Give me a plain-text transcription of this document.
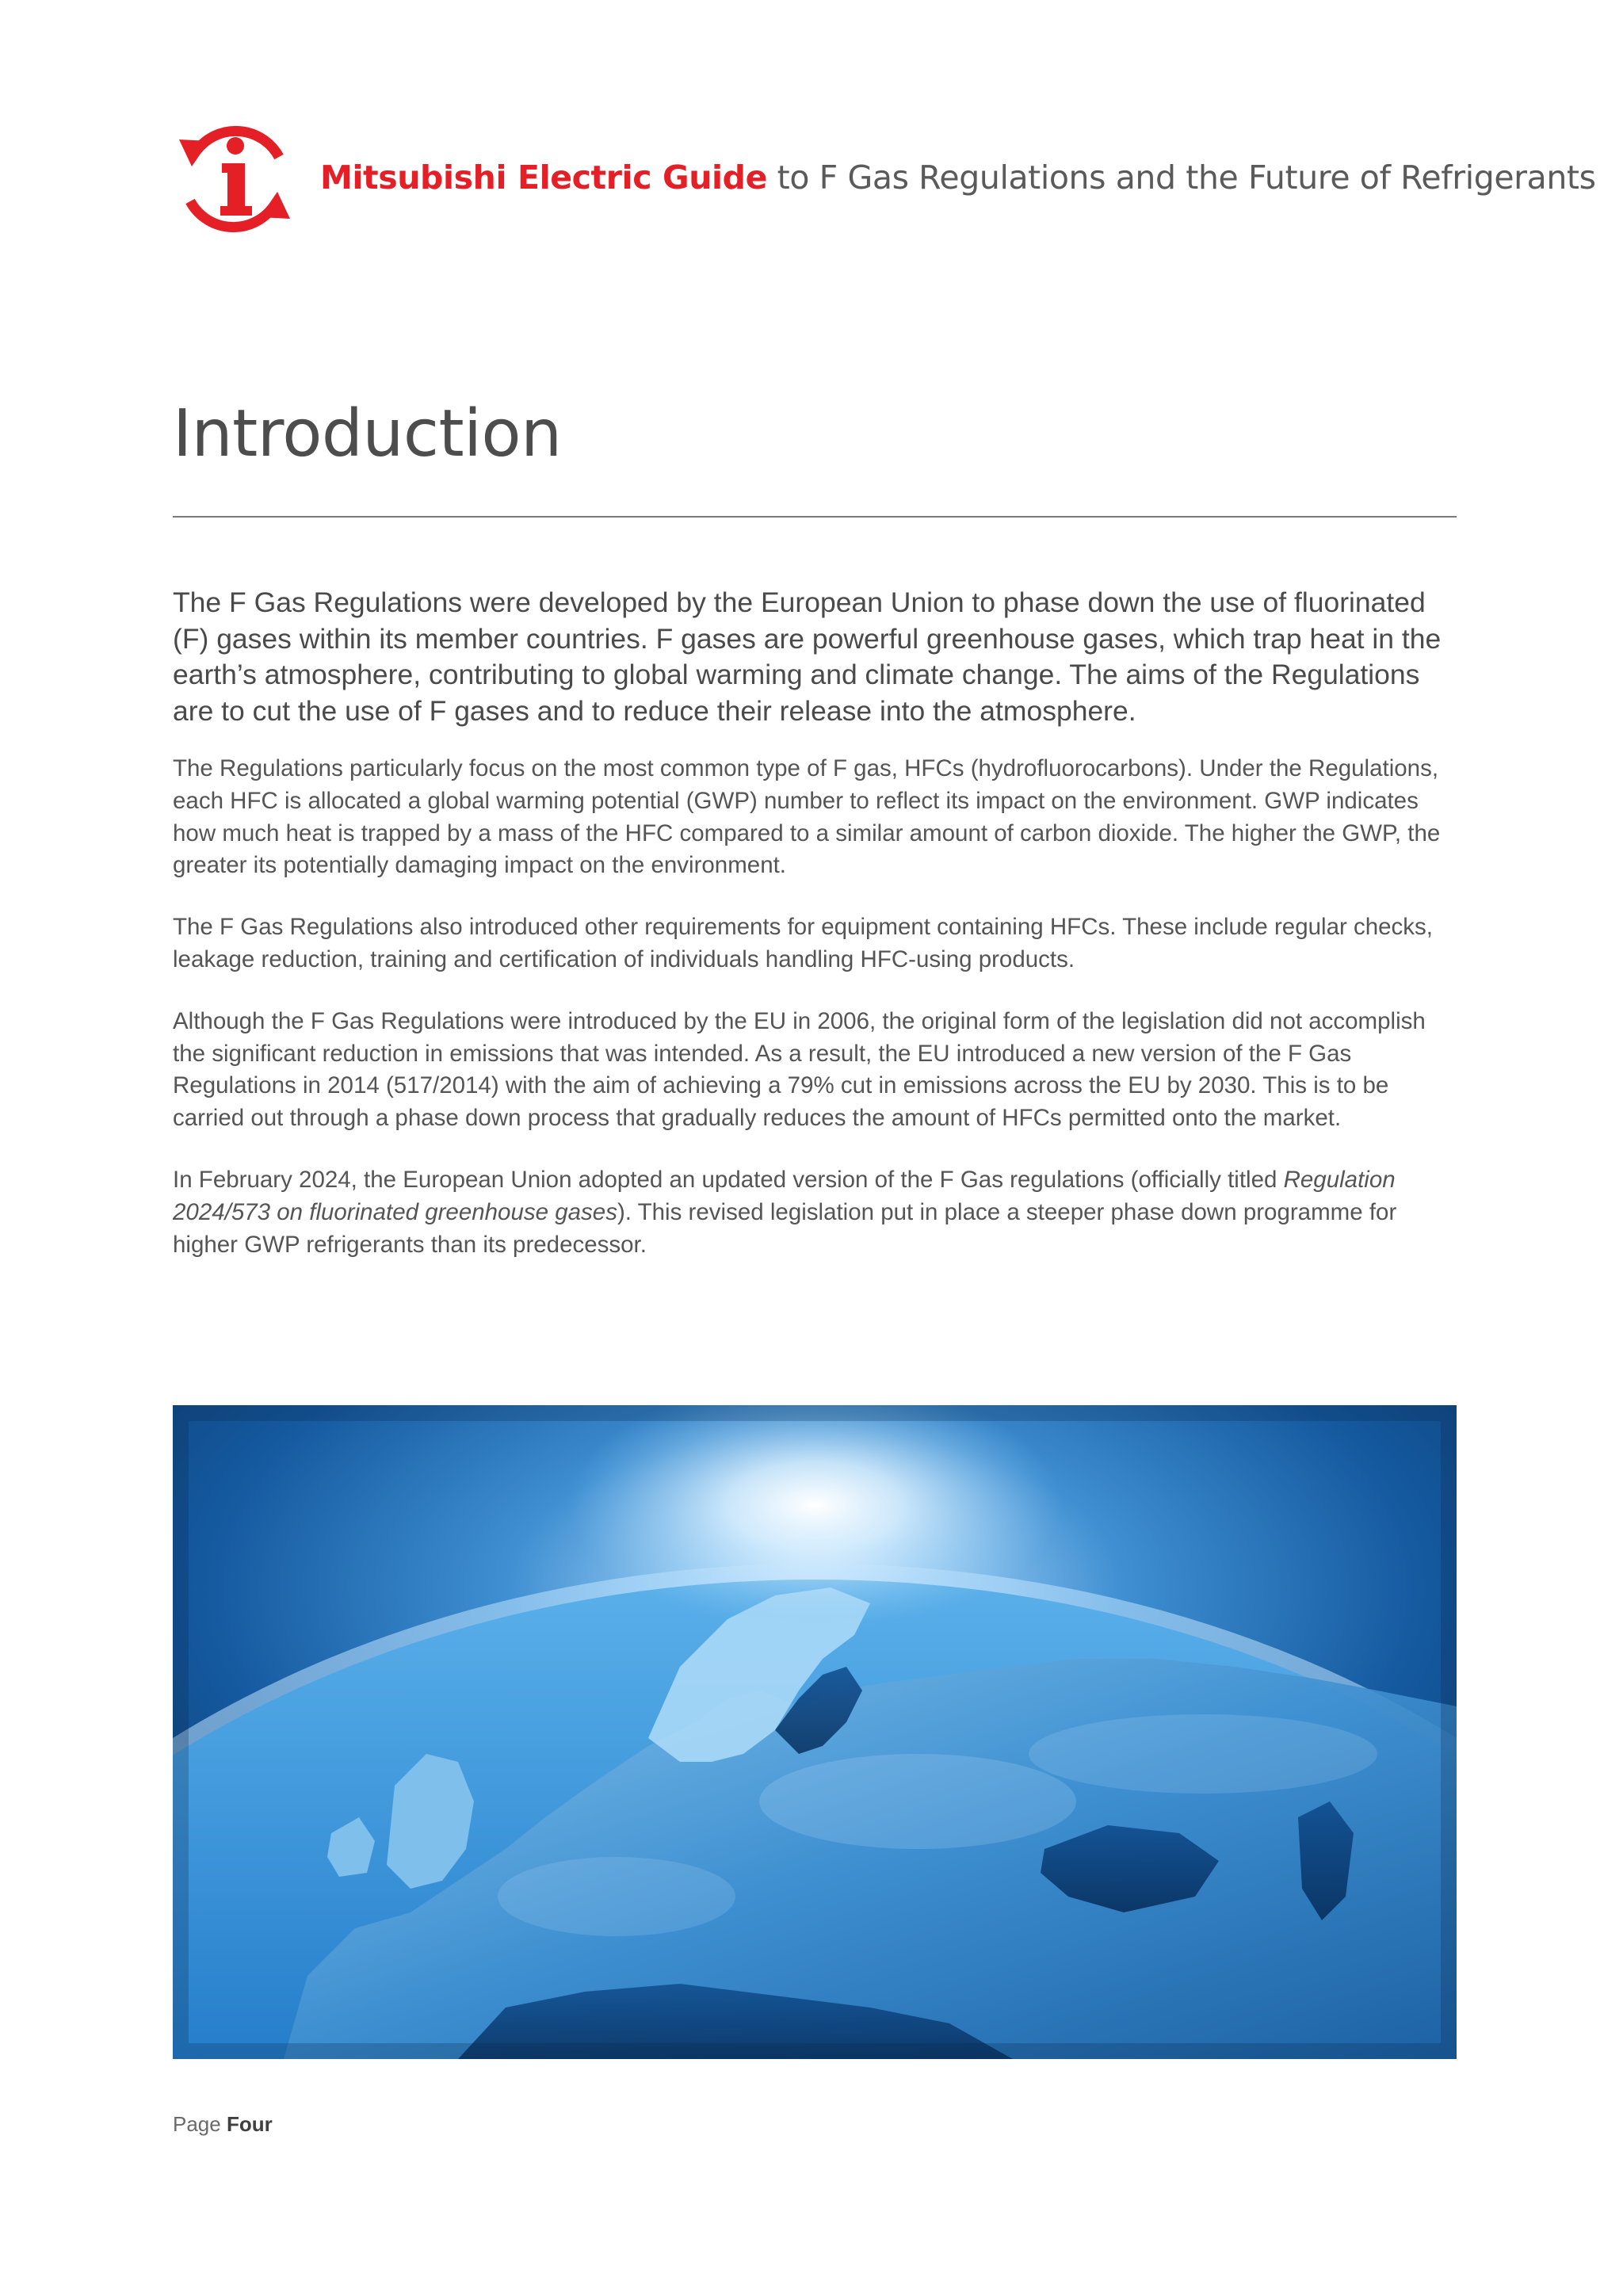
Mitsubishi Electric Guide to F Gas Regulations and the Future of Refrigerants
Introduction

The F Gas Regulations were developed by the European Union to phase down the use of fluorinated (F) gases within its member countries. F gases are powerful greenhouse gases, which trap heat in the earth’s atmosphere, contributing to global warming and climate change. The aims of the Regulations are to cut the use of F gases and to reduce their release into the atmosphere.

The Regulations particularly focus on the most common type of F gas, HFCs (hydrofluorocarbons). Under the Regulations, each HFC is allocated a global warming potential (GWP) number to reflect its impact on the environment. GWP indicates how much heat is trapped by a mass of the HFC compared to a similar amount of carbon dioxide. The higher the GWP, the greater its potentially damaging impact on the environment.

The F Gas Regulations also introduced other requirements for equipment containing HFCs. These include regular checks, leakage reduction, training and certification of individuals handling HFC-using products.

Although the F Gas Regulations were introduced by the EU in 2006, the original form of the legislation did not accomplish the significant reduction in emissions that was intended. As a result, the EU introduced a new version of the F Gas Regulations in 2014 (517/2014) with the aim of achieving a 79% cut in emissions across the EU by 2030. This is to be carried out through a phase down process that gradually reduces the amount of HFCs permitted onto the market.

In February 2024, the European Union adopted an updated version of the F Gas regulations (officially titled Regulation 2024/573 on fluorinated greenhouse gases). This revised legislation put in place a steeper phase down programme for higher GWP refrigerants than its predecessor.

Page Four
